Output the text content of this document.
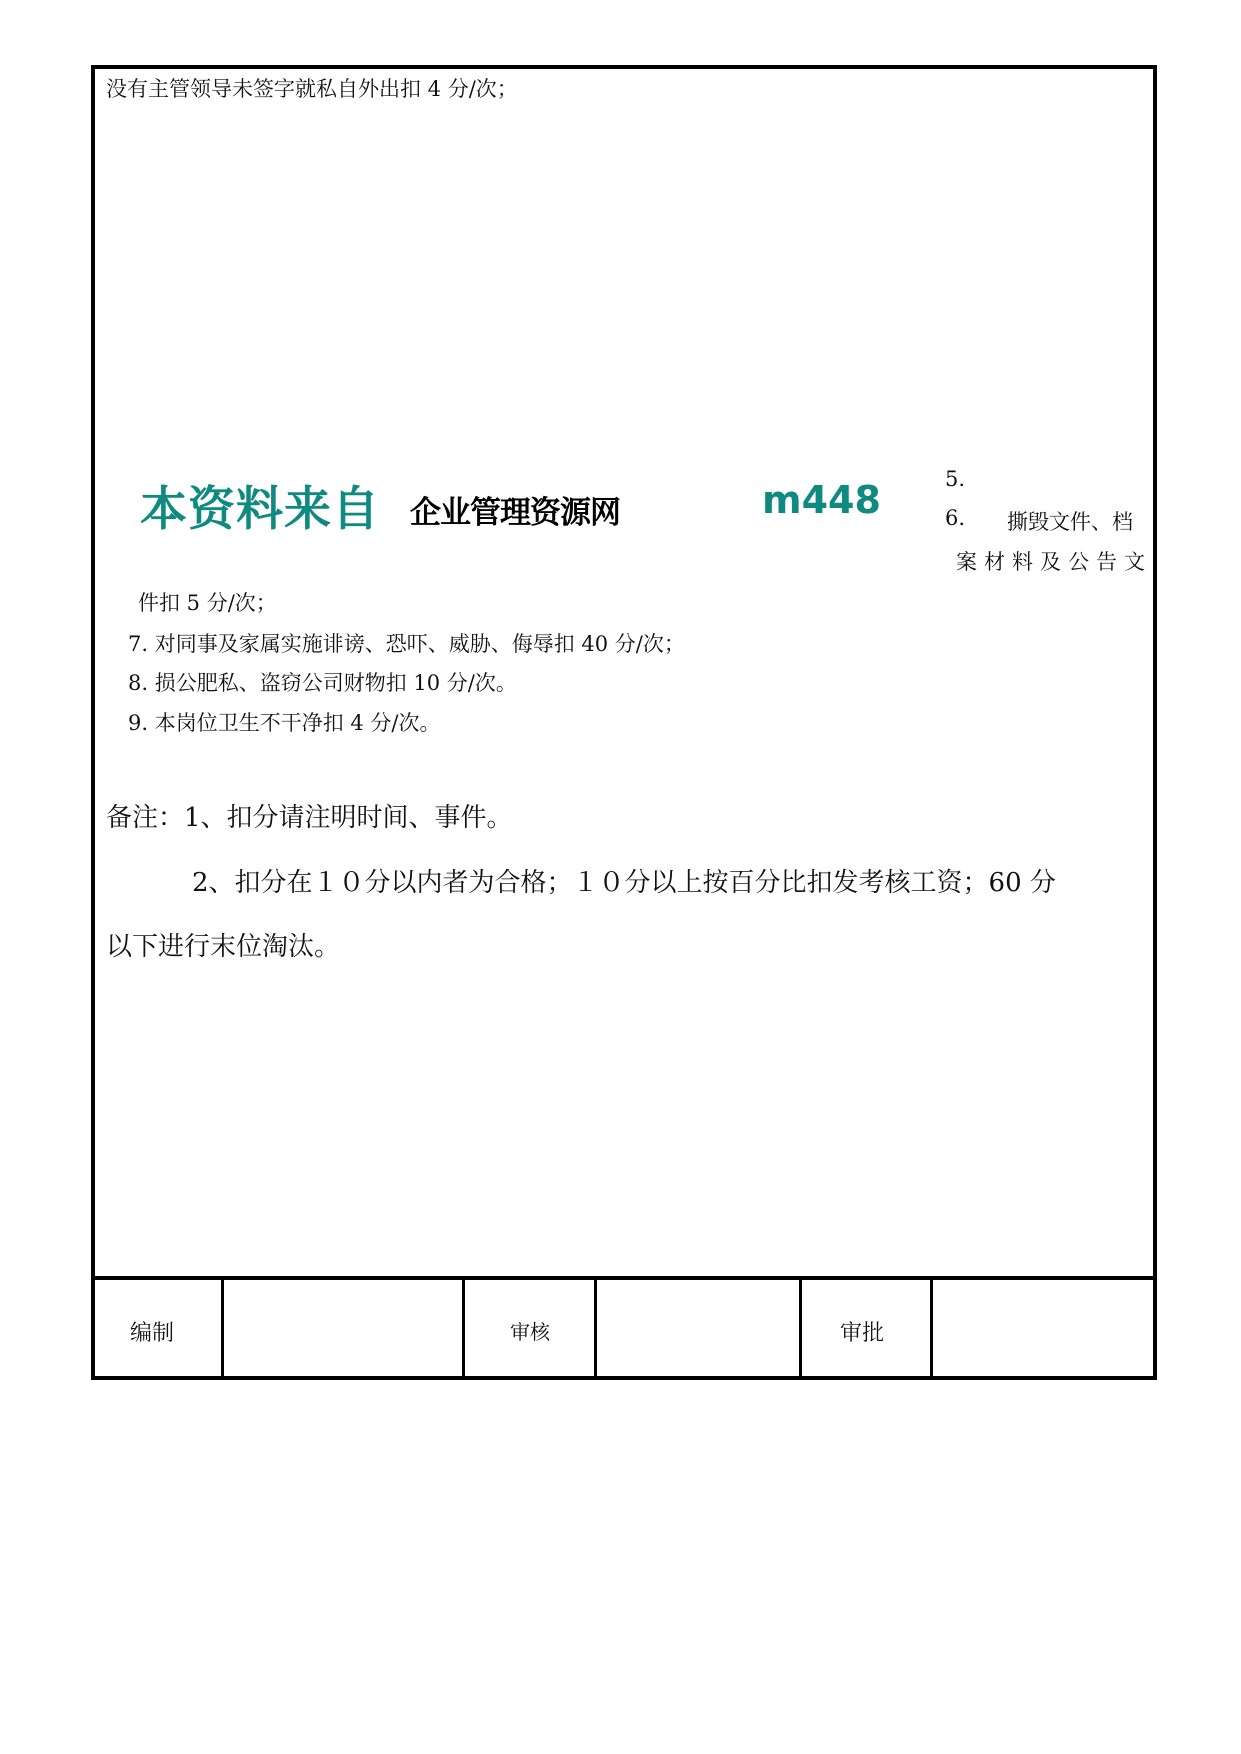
没有主管领导未签字就私自外出扣 4 分/次；
本资料来自 企业管理资源网	m448	5.
6. 撕毁文件、档
案材料及公告文
件扣 5 分/次；
7. 对同事及家属实施诽谤、恐吓、威胁、侮辱扣 40 分/次；
8. 损公肥私、盗窃公司财物扣 10 分/次。
9. 本岗位卫生不干净扣 4 分/次。
备注：1、扣分请注明时间、事件。
2、扣分在１０分以内者为合格；１０分以上按百分比扣发考核工资；60 分
以下进行末位淘汰。
编制	审核	审批
